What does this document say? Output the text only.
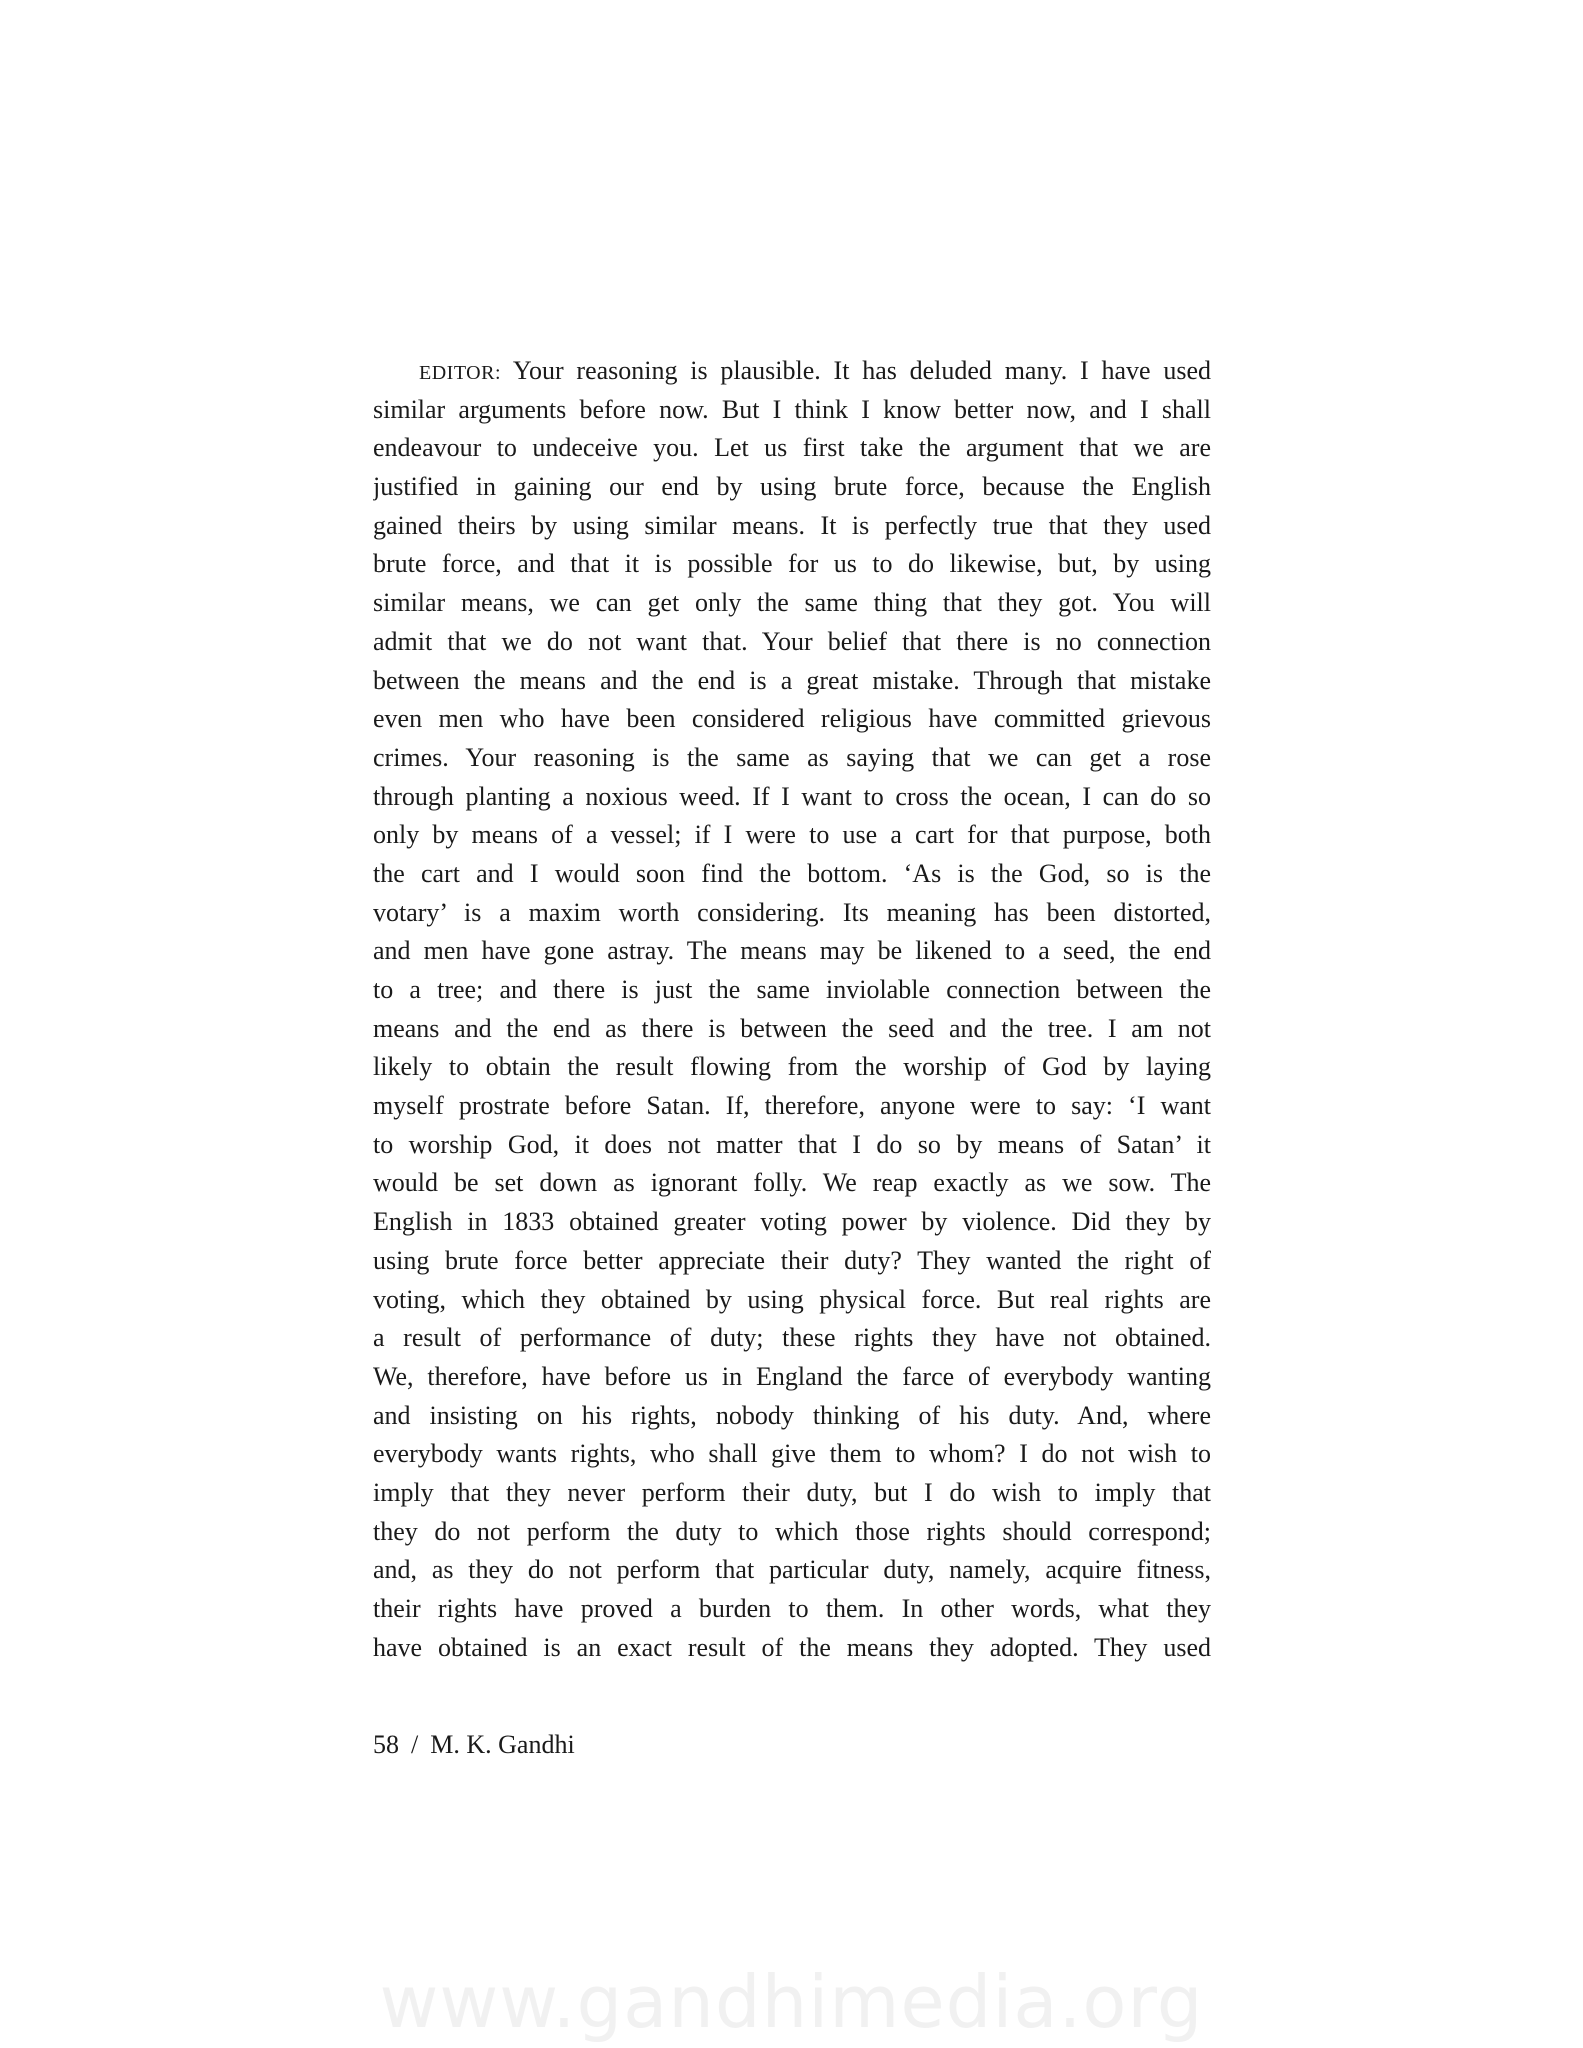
EDITOR: Your reasoning is plausible. It has deluded many. I have used
similar arguments before now. But I think I know better now, and I shall
endeavour to undeceive you. Let us first take the argument that we are
justified in gaining our end by using brute force, because the English
gained theirs by using similar means. It is perfectly true that they used
brute force, and that it is possible for us to do likewise, but, by using
similar means, we can get only the same thing that they got. You will
admit that we do not want that. Your belief that there is no connection
between the means and the end is a great mistake. Through that mistake
even men who have been considered religious have committed grievous
crimes. Your reasoning is the same as saying that we can get a rose
through planting a noxious weed. If I want to cross the ocean, I can do so
only by means of a vessel; if I were to use a cart for that purpose, both
the cart and I would soon find the bottom. ‘As is the God, so is the
votary’ is a maxim worth considering. Its meaning has been distorted,
and men have gone astray. The means may be likened to a seed, the end
to a tree; and there is just the same inviolable connection between the
means and the end as there is between the seed and the tree. I am not
likely to obtain the result flowing from the worship of God by laying
myself prostrate before Satan. If, therefore, anyone were to say: ‘I want
to worship God, it does not matter that I do so by means of Satan’ it
would be set down as ignorant folly. We reap exactly as we sow. The
English in 1833 obtained greater voting power by violence. Did they by
using brute force better appreciate their duty? They wanted the right of
voting, which they obtained by using physical force. But real rights are
a result of performance of duty; these rights they have not obtained.
We, therefore, have before us in England the farce of everybody wanting
and insisting on his rights, nobody thinking of his duty. And, where
everybody wants rights, who shall give them to whom? I do not wish to
imply that they never perform their duty, but I do wish to imply that
they do not perform the duty to which those rights should correspond;
and, as they do not perform that particular duty, namely, acquire fitness,
their rights have proved a burden to them. In other words, what they
have obtained is an exact result of the means they adopted. They used
58 / M. K. Gandhi
www.gandhimedia.org
